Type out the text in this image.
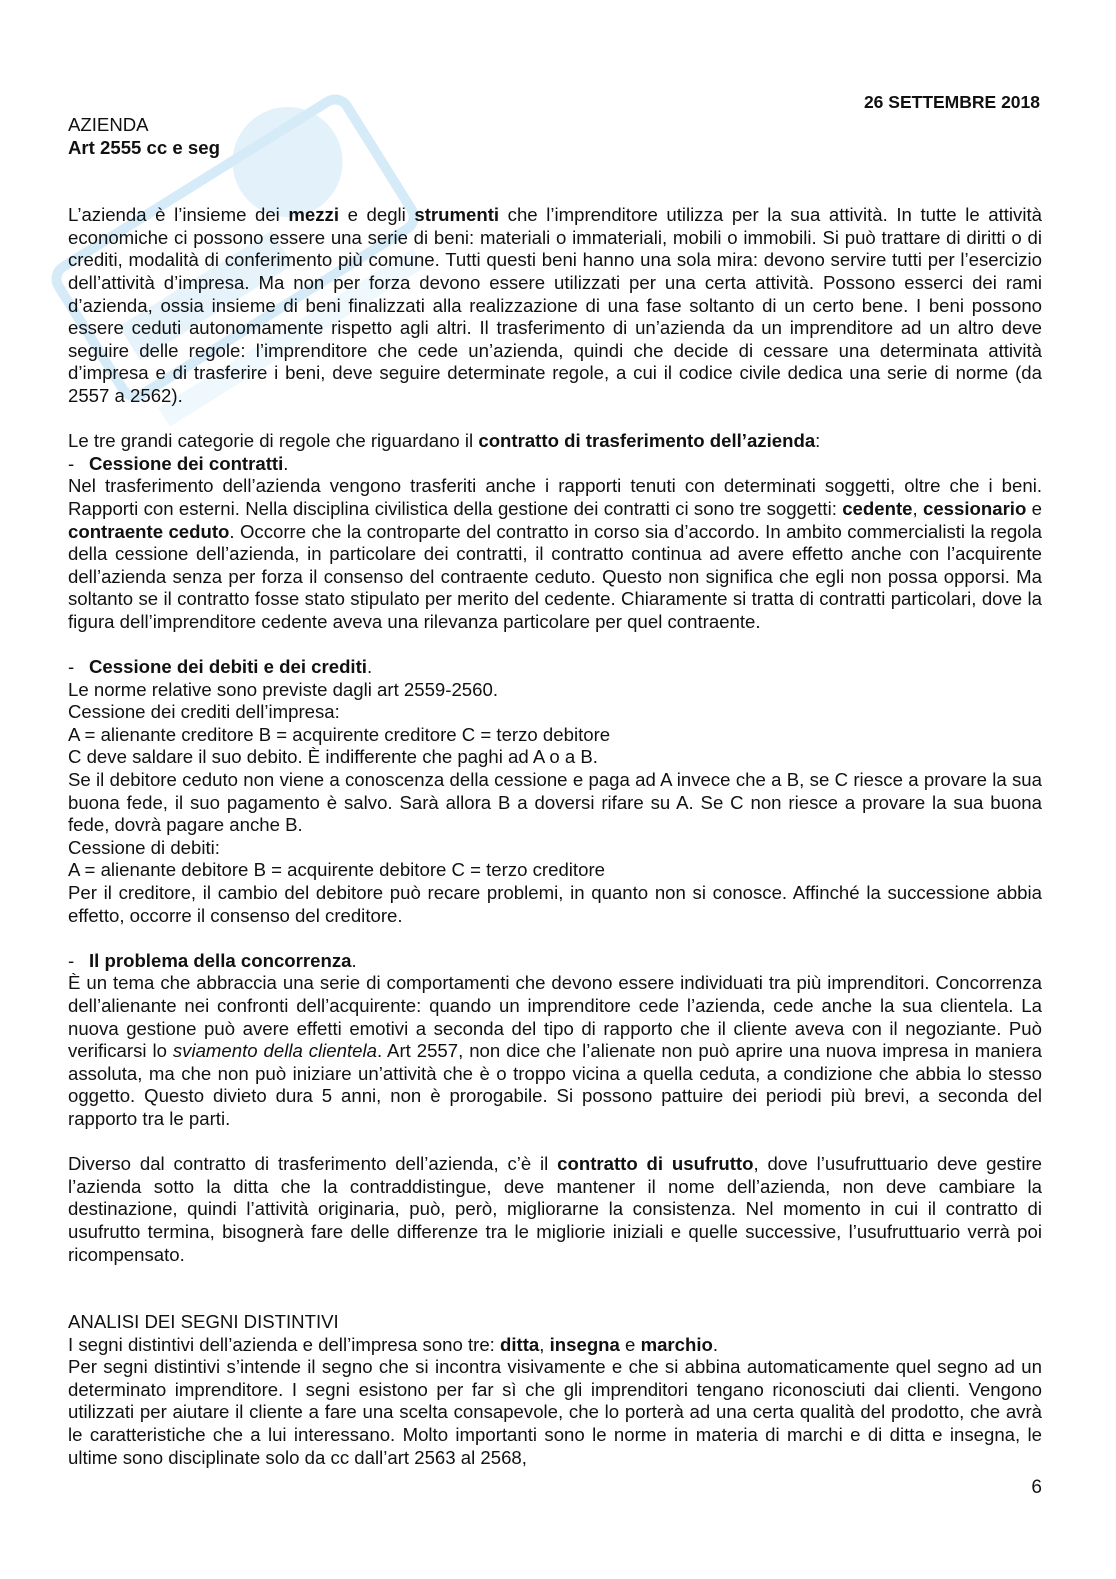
26 SETTEMBRE 2018

AZIENDA

Art 2555 cc e seg

L’azienda è l’insieme dei mezzi e degli strumenti che l’imprenditore utilizza per la sua attività. In tutte le attività economiche ci possono essere una serie di beni: materiali o immateriali, mobili o immobili. Si può trattare di diritti o di crediti, modalità di conferimento più comune. Tutti questi beni hanno una sola mira: devono servire tutti per l’esercizio dell’attività d’impresa. Ma non per forza devono essere utilizzati per una certa attività. Possono esserci dei rami d’azienda, ossia insieme di beni finalizzati alla realizzazione di una fase soltanto di un certo bene. I beni possono essere ceduti autonomamente rispetto agli altri. Il trasferimento di un’azienda da un imprenditore ad un altro deve seguire delle regole: l’imprenditore che cede un’azienda, quindi che decide di cessare una determinata attività d’impresa e di trasferire i beni, deve seguire determinate regole, a cui il codice civile dedica una serie di norme (da 2557 a 2562).

Le tre grandi categorie di regole che riguardano il contratto di trasferimento dell’azienda:

- Cessione dei contratti.

Nel trasferimento dell’azienda vengono trasferiti anche i rapporti tenuti con determinati soggetti, oltre che i beni. Rapporti con esterni. Nella disciplina civilistica della gestione dei contratti ci sono tre soggetti: cedente, cessionario e contraente ceduto. Occorre che la controparte del contratto in corso sia d’accordo. In ambito commercialisti la regola della cessione dell’azienda, in particolare dei contratti, il contratto continua ad avere effetto anche con l’acquirente dell’azienda senza per forza il consenso del contraente ceduto. Questo non significa che egli non possa opporsi. Ma soltanto se il contratto fosse stato stipulato per merito del cedente. Chiaramente si tratta di contratti particolari, dove la figura dell’imprenditore cedente aveva una rilevanza particolare per quel contraente.

- Cessione dei debiti e dei crediti.

Le norme relative sono previste dagli art 2559-2560.

Cessione dei crediti dell’impresa:

A = alienante creditore B = acquirente creditore C = terzo debitore

C deve saldare il suo debito. È indifferente che paghi ad A o a B.

Se il debitore ceduto non viene a conoscenza della cessione e paga ad A invece che a B, se C riesce a provare la sua buona fede, il suo pagamento è salvo. Sarà allora B a doversi rifare su A. Se C non riesce a provare la sua buona fede, dovrà pagare anche B.

Cessione di debiti:

A = alienante debitore B = acquirente debitore C = terzo creditore

Per il creditore, il cambio del debitore può recare problemi, in quanto non si conosce. Affinché la successione abbia effetto, occorre il consenso del creditore.

- Il problema della concorrenza.

È un tema che abbraccia una serie di comportamenti che devono essere individuati tra più imprenditori. Concorrenza dell’alienante nei confronti dell’acquirente: quando un imprenditore cede l’azienda, cede anche la sua clientela. La nuova gestione può avere effetti emotivi a seconda del tipo di rapporto che il cliente aveva con il negoziante. Può verificarsi lo sviamento della clientela. Art 2557, non dice che l’alienate non può aprire una nuova impresa in maniera assoluta, ma che non può iniziare un’attività che è o troppo vicina a quella ceduta, a condizione che abbia lo stesso oggetto. Questo divieto dura 5 anni, non è prorogabile. Si possono pattuire dei periodi più brevi, a seconda del rapporto tra le parti.

Diverso dal contratto di trasferimento dell’azienda, c’è il contratto di usufrutto, dove l’usufruttuario deve gestire l’azienda sotto la ditta che la contraddistingue, deve mantener il nome dell’azienda, non deve cambiare la destinazione, quindi l’attività originaria, può, però, migliorarne la consistenza. Nel momento in cui il contratto di usufrutto termina, bisognerà fare delle differenze tra le migliorie iniziali e quelle successive, l’usufruttuario verrà poi ricompensato.

ANALISI DEI SEGNI DISTINTIVI

I segni distintivi dell’azienda e dell’impresa sono tre: ditta, insegna e marchio.

Per segni distintivi s’intende il segno che si incontra visivamente e che si abbina automaticamente quel segno ad un determinato imprenditore. I segni esistono per far sì che gli imprenditori tengano riconosciuti dai clienti. Vengono utilizzati per aiutare il cliente a fare una scelta consapevole, che lo porterà ad una certa qualità del prodotto, che avrà le caratteristiche che a lui interessano. Molto importanti sono le norme in materia di marchi e di ditta e insegna, le ultime sono disciplinate solo da cc dall’art 2563 al 2568,

6
